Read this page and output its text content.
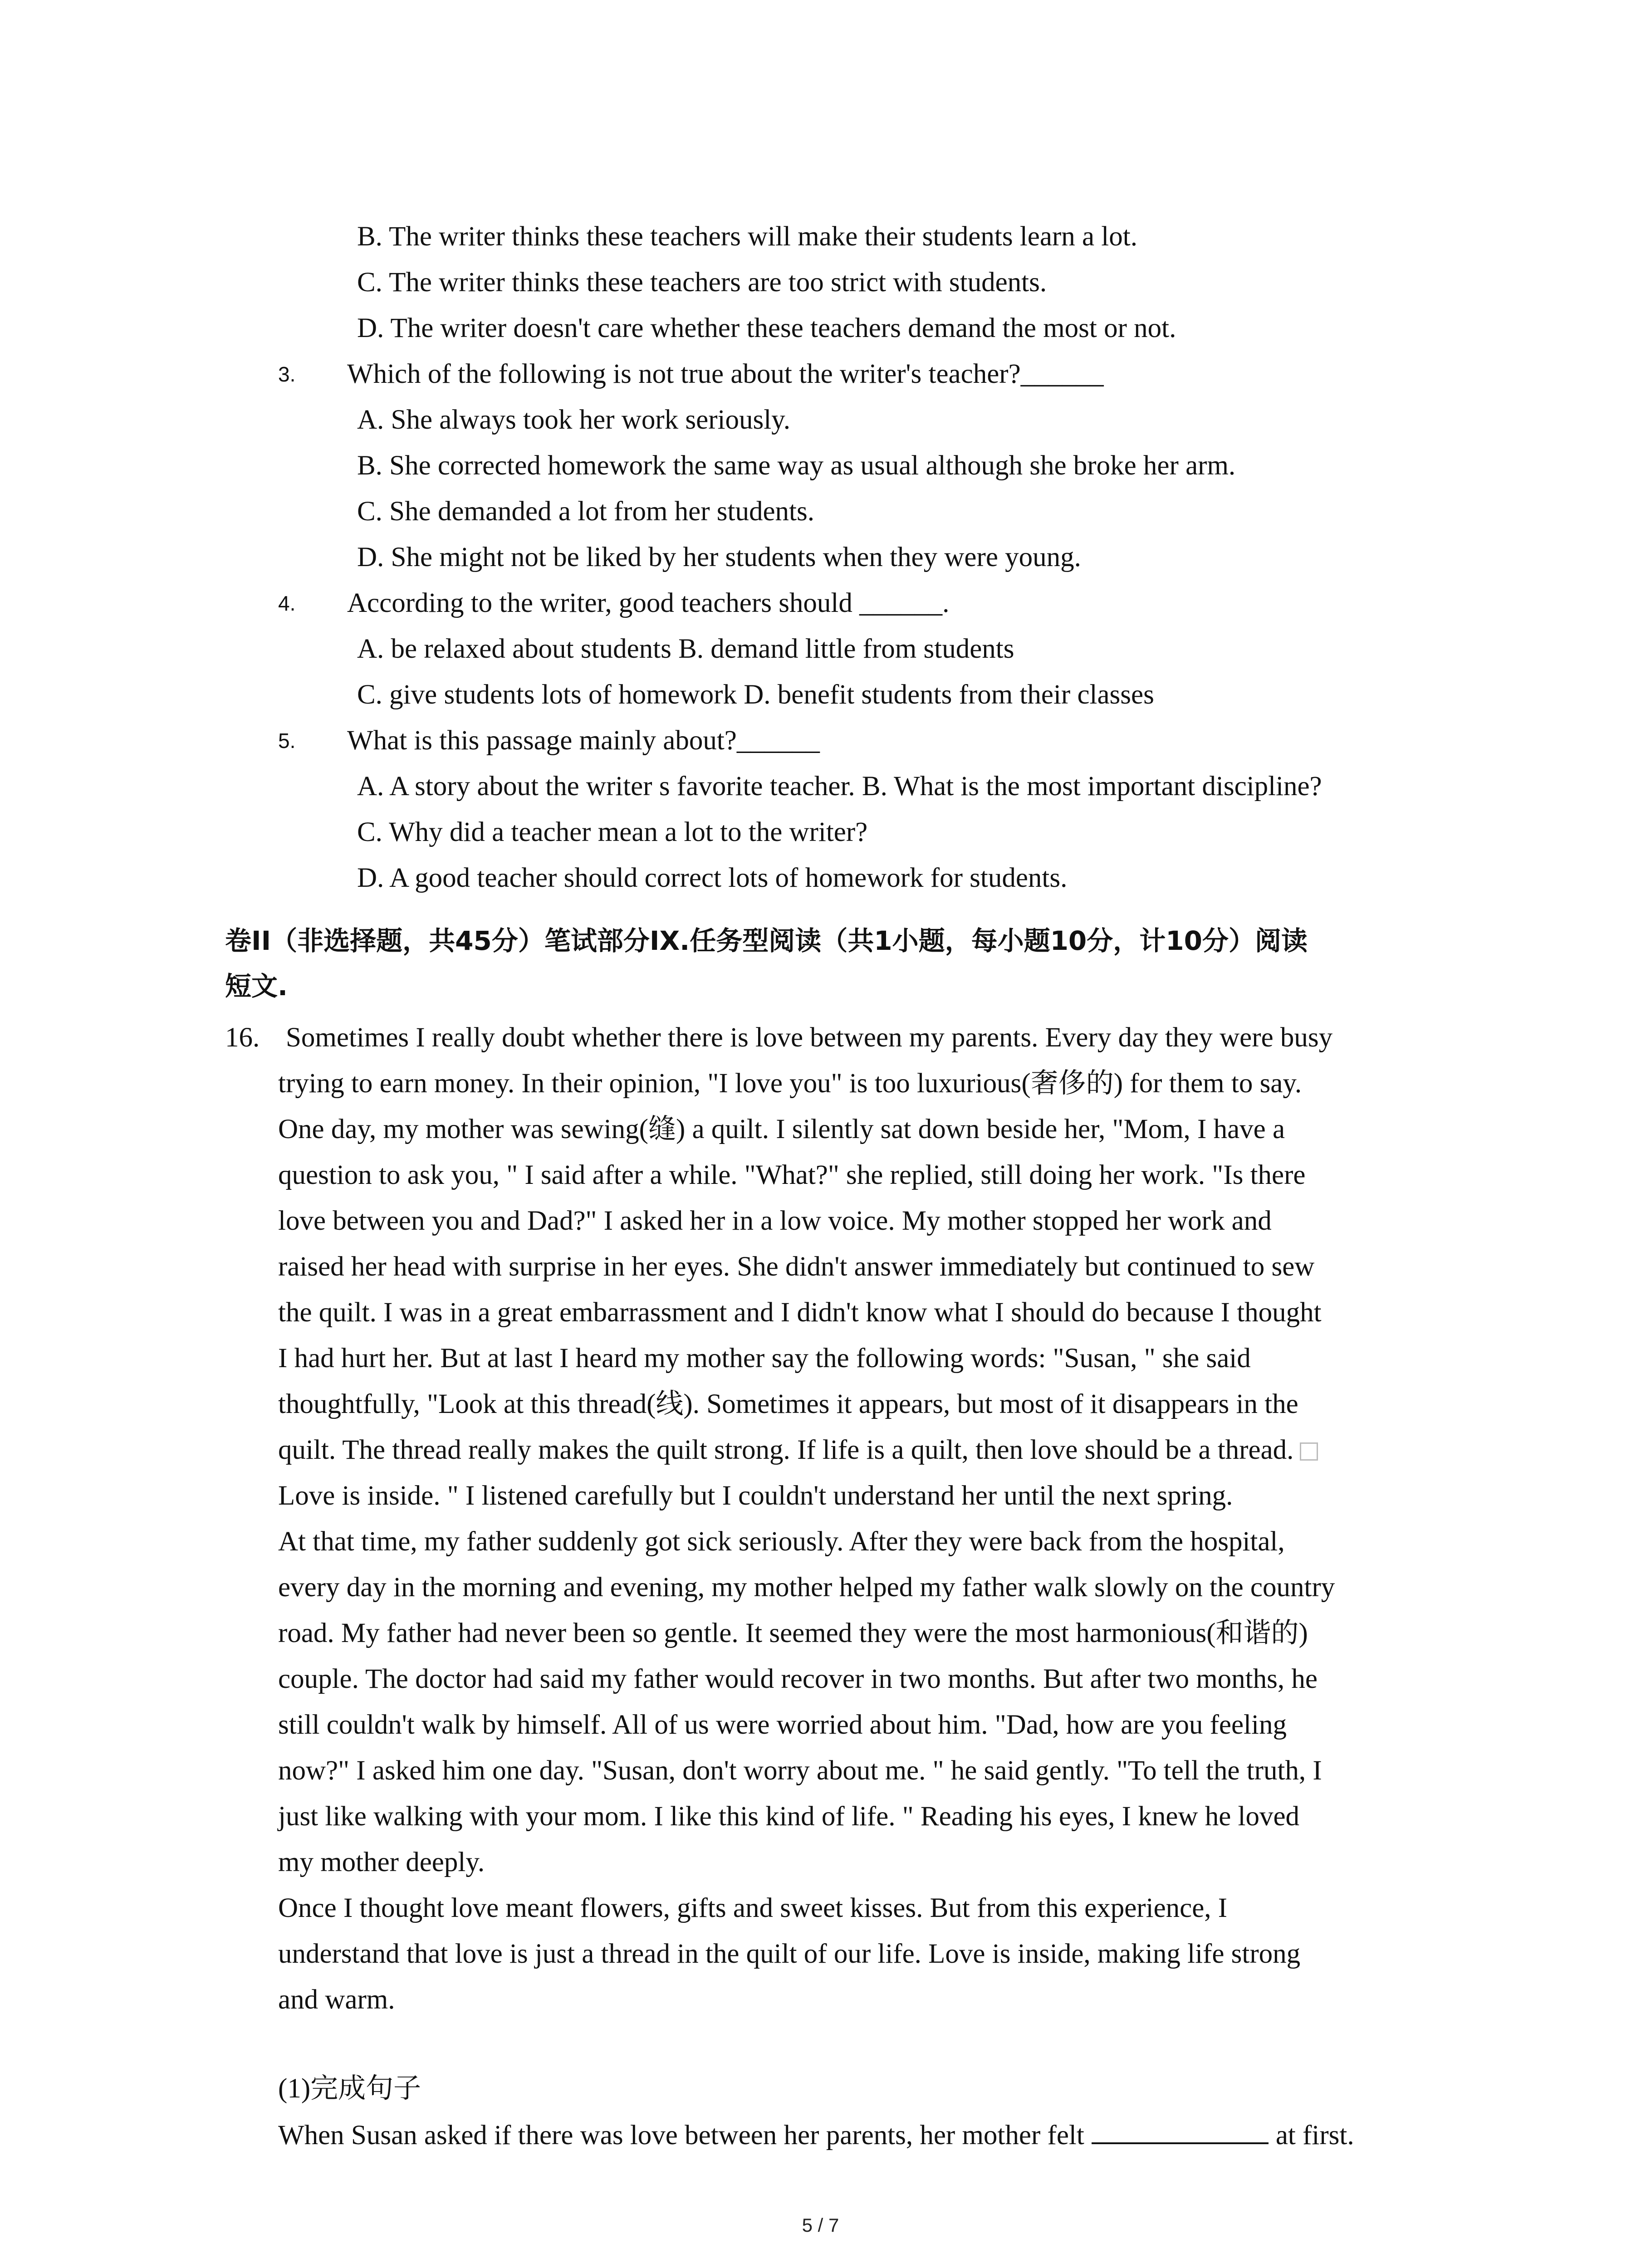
B. The writer thinks these teachers will make their students learn a lot.
C. The writer thinks these teachers are too strict with students.
D. The writer doesn't care whether these teachers demand the most or not.
3. Which of the following is not true about the writer's teacher?______
A. She always took her work seriously.
B. She corrected homework the same way as usual although she broke her arm.
C. She demanded a lot from her students.
D. She might not be liked by her students when they were young.
4. According to the writer, good teachers should ______.
A. be relaxed about students B. demand little from students
C. give students lots of homework D. benefit students from their classes
5. What is this passage mainly about?______
A. A story about the writer s favorite teacher. B. What is the most important discipline?
C. Why did a teacher mean a lot to the writer?
D. A good teacher should correct lots of homework for students.
卷II（非选择题，共45分）笔试部分IX.任务型阅读（共1小题，每小题10分，计10分）阅读
短文.
16. Sometimes I really doubt whether there is love between my parents. Every day they were busy
trying to earn money. In their opinion, "I love you" is too luxurious(奢侈的) for them to say.
One day, my mother was sewing(缝) a quilt. I silently sat down beside her, "Mom, I have a
question to ask you, " I said after a while. "What?" she replied, still doing her work. "Is there
love between you and Dad?" I asked her in a low voice. My mother stopped her work and
raised her head with surprise in her eyes. She didn't answer immediately but continued to sew
the quilt. I was in a great embarrassment and I didn't know what I should do because I thought
I had hurt her. But at last I heard my mother say the following words: "Susan, " she said
thoughtfully, "Look at this thread(线). Sometimes it appears, but most of it disappears in the
quilt. The thread really makes the quilt strong. If life is a quilt, then love should be a thread.
Love is inside. " I listened carefully but I couldn't understand her until the next spring.
At that time, my father suddenly got sick seriously. After they were back from the hospital,
every day in the morning and evening, my mother helped my father walk slowly on the country
road. My father had never been so gentle. It seemed they were the most harmonious(和谐的)
couple. The doctor had said my father would recover in two months. But after two months, he
still couldn't walk by himself. All of us were worried about him. "Dad, how are you feeling
now?" I asked him one day. "Susan, don't worry about me. " he said gently. "To tell the truth, I
just like walking with your mom. I like this kind of life. " Reading his eyes, I knew he loved
my mother deeply.
Once I thought love meant flowers, gifts and sweet kisses. But from this experience, I
understand that love is just a thread in the quilt of our life. Love is inside, making life strong
and warm.
(1)完成句子
When Susan asked if there was love between her parents, her mother felt	at first.
5 / 7
